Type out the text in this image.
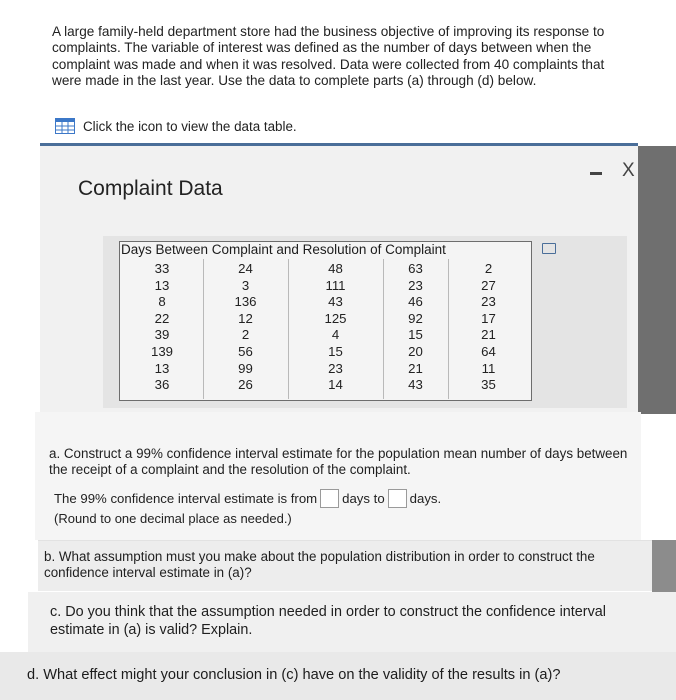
A large family-held department store had the business objective of improving its response to complaints. The variable of interest was defined as the number of days between when the complaint was made and when it was resolved. Data were collected from 40 complaints that were made in the last year. Use the data to complete parts (a) through (d) below.
Click the icon to view the data table.
X
Complaint Data
Days Between Complaint and Resolution of Complaint
33	24	48	63	2
13	3	111	23	27
8	136	43	46	23
22	12	125	92	17
39	2	4	15	21
139	56	15	20	64
13	99	23	21	11
36	26	14	43	35
a. Construct a 99% confidence interval estimate for the population mean number of days between the receipt of a complaint and the resolution of the complaint.
The 99% confidence interval estimate is from days to days.
(Round to one decimal place as needed.)
b. What assumption must you make about the population distribution in order to construct the confidence interval estimate in (a)?
c. Do you think that the assumption needed in order to construct the confidence interval
estimate in (a) is valid? Explain.
d. What effect might your conclusion in (c) have on the validity of the results in (a)?
